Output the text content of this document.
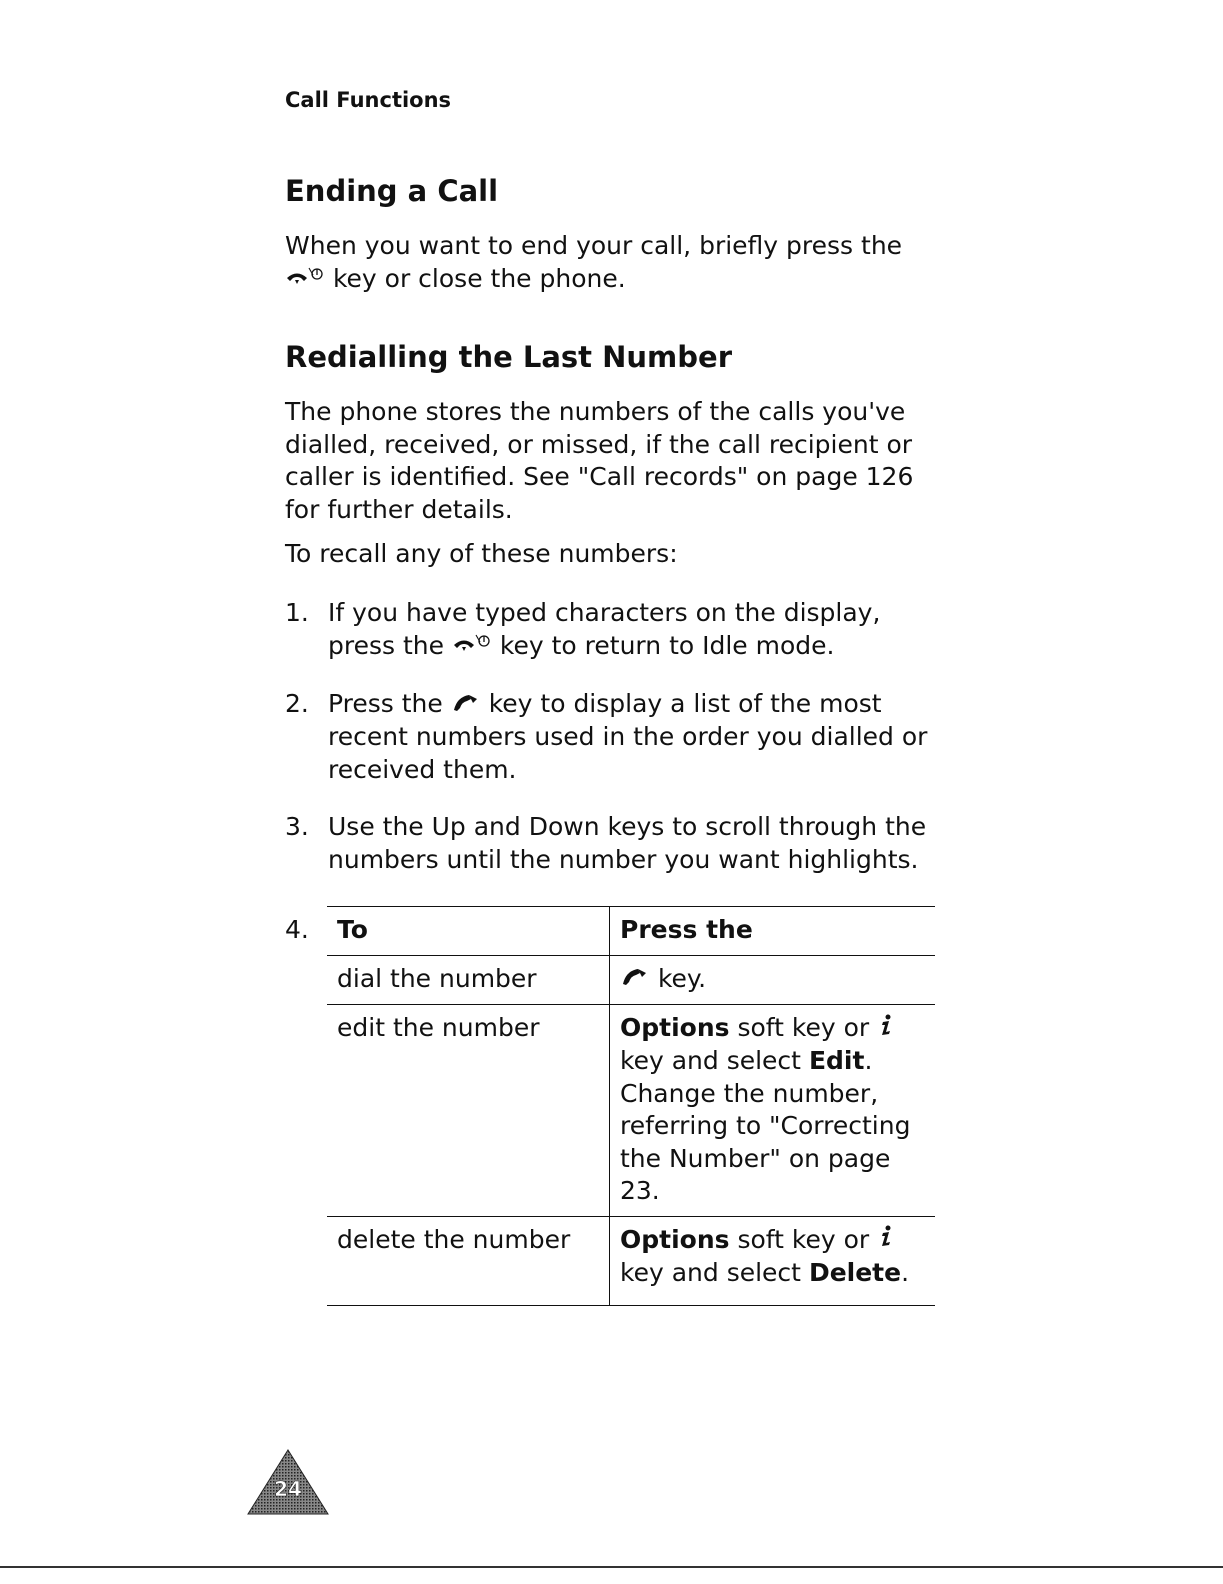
Call Functions
Ending a Call

When you want to end your call, briefly press the
key or close the phone.

Redialling the Last Number

The phone stores the numbers of the calls you've dialled, received, or missed, if the call recipient or caller is identified. See "Call records" on page 126 for further details.

To recall any of these numbers:

1. If you have typed characters on the display, press the key to return to Idle mode.
2. Press the key to display a list of the most recent numbers used in the order you dialled or received them.
3. Use the Up and Down keys to scroll through the numbers until the number you want highlights.
4. To	Press the
dial the number	key.
edit the number	Options soft key or  key and select Edit. Change the number, referring to "Correcting the Number" on page 23.
delete the number	Options soft key or  key and select Delete.
24
